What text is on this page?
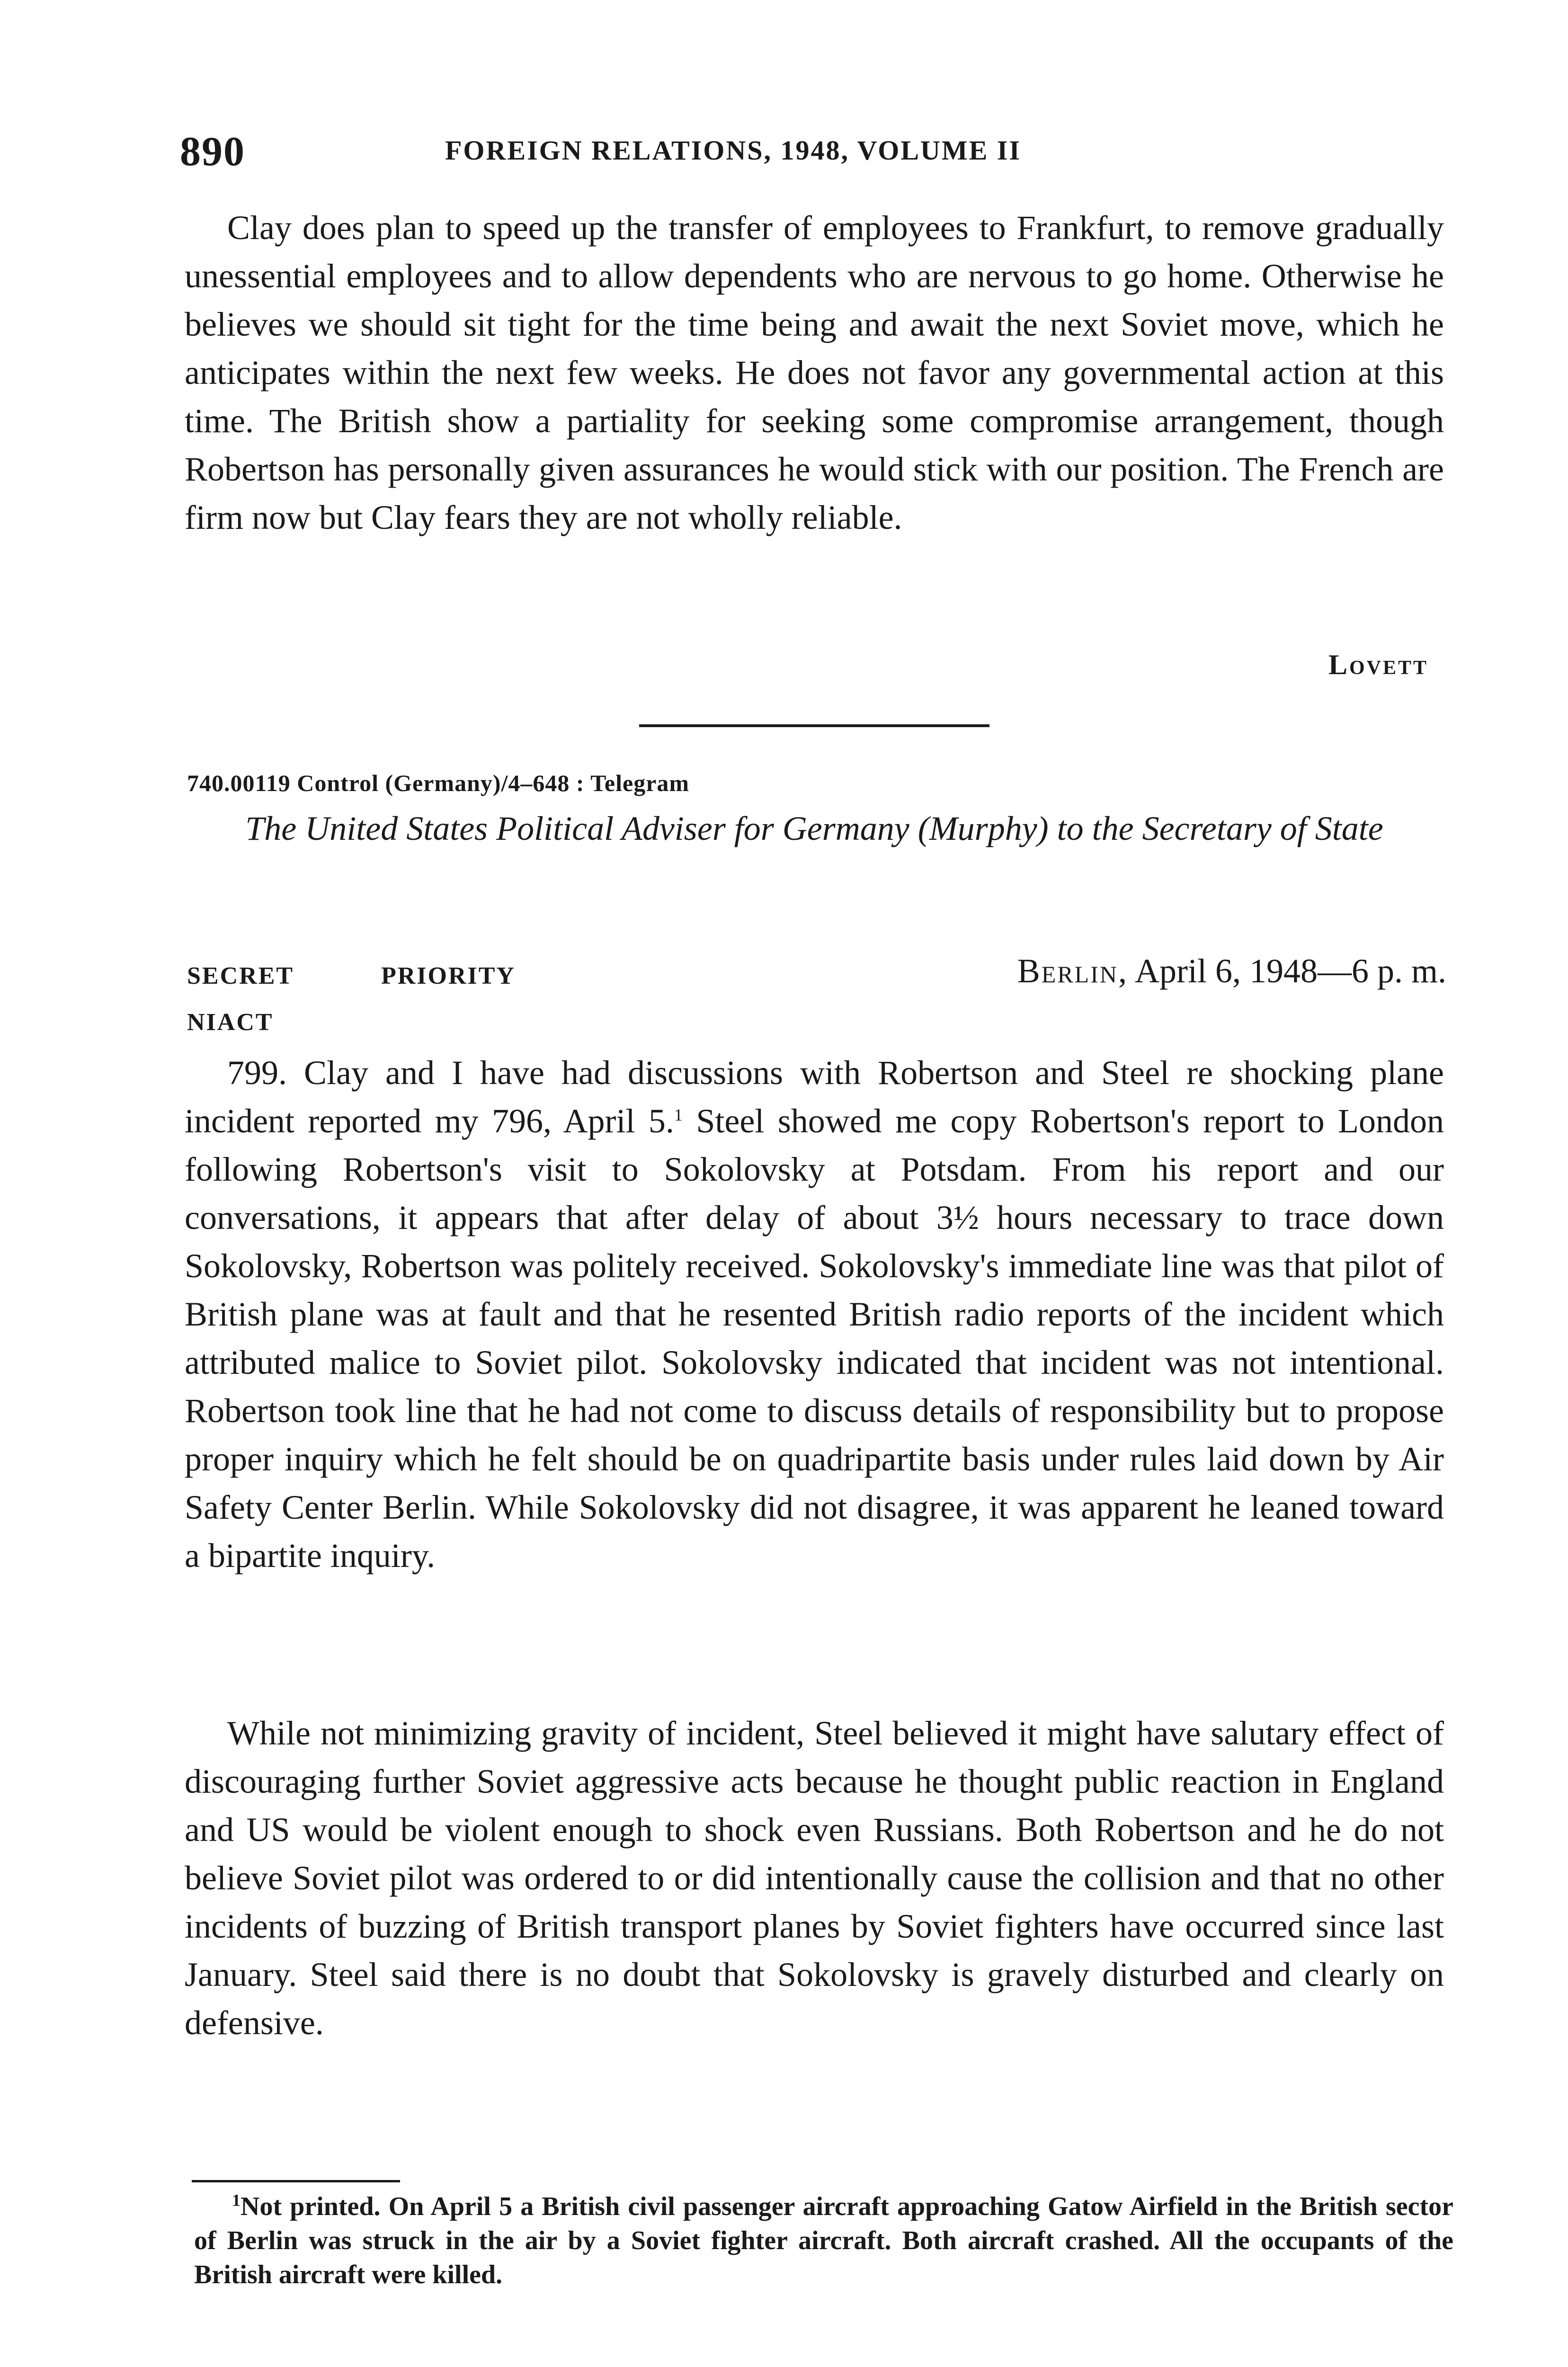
890	FOREIGN RELATIONS, 1948, VOLUME II

Clay does plan to speed up the transfer of employees to Frankfurt, to remove gradually unessential employees and to allow dependents who are nervous to go home. Otherwise he believes we should sit tight for the time being and await the next Soviet move, which he anticipates within the next few weeks. He does not favor any governmental action at this time. The British show a partiality for seeking some compromise arrangement, though Robertson has personally given assurances he would stick with our position. The French are firm now but Clay fears they are not wholly reliable.

Lovett
740.00119 Control (Germany)/4–648 : Telegram

The United States Political Adviser for Germany (Murphy) to the Secretary of State

SECRET	PRIORITY	Berlin, April 6, 1948—6 p. m.
NIACT

799. Clay and I have had discussions with Robertson and Steel re shocking plane incident reported my 796, April 5.$^1$ Steel showed me copy Robertson's report to London following Robertson's visit to Sokolovsky at Potsdam. From his report and our conversations, it appears that after delay of about 3½ hours necessary to trace down Sokolovsky, Robertson was politely received. Sokolovsky's immediate line was that pilot of British plane was at fault and that he resented British radio reports of the incident which attributed malice to Soviet pilot. Sokolovsky indicated that incident was not intentional. Robertson took line that he had not come to discuss details of responsibility but to propose proper inquiry which he felt should be on quadripartite basis under rules laid down by Air Safety Center Berlin. While Sokolovsky did not disagree, it was apparent he leaned toward a bipartite inquiry.

While not minimizing gravity of incident, Steel believed it might have salutary effect of discouraging further Soviet aggressive acts because he thought public reaction in England and US would be violent enough to shock even Russians. Both Robertson and he do not believe Soviet pilot was ordered to or did intentionally cause the collision and that no other incidents of buzzing of British transport planes by Soviet fighters have occurred since last January. Steel said there is no doubt that Sokolovsky is gravely disturbed and clearly on defensive.

$^1$Not printed. On April 5 a British civil passenger aircraft approaching Gatow Airfield in the British sector of Berlin was struck in the air by a Soviet fighter aircraft. Both aircraft crashed. All the occupants of the British aircraft were killed.
